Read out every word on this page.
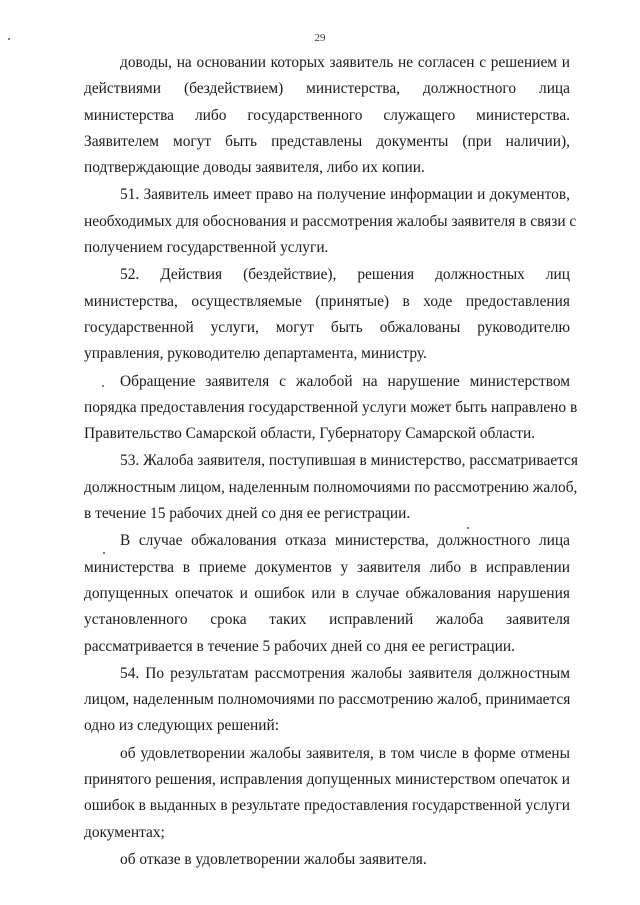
29

доводы, на основании которых заявитель не согласен с решением и
действиями (бездействием) министерства, должностного лица
министерства либо государственного служащего министерства.
Заявителем могут быть представлены документы (при наличии),
подтверждающие доводы заявителя, либо их копии.

51. Заявитель имеет право на получение информации и документов,
необходимых для обоснования и рассмотрения жалобы заявителя в связи с
получением государственной услуги.

52. Действия (бездействие), решения должностных лиц
министерства, осуществляемые (принятые) в ходе предоставления
государственной услуги, могут быть обжалованы руководителю
управления, руководителю департамента, министру.

Обращение заявителя с жалобой на нарушение министерством
порядка предоставления государственной услуги может быть направлено в
Правительство Самарской области, Губернатору Самарской области.

53. Жалоба заявителя, поступившая в министерство, рассматривается
должностным лицом, наделенным полномочиями по рассмотрению жалоб,
в течение 15 рабочих дней со дня ее регистрации.

В случае обжалования отказа министерства, должностного лица
министерства в приеме документов у заявителя либо в исправлении
допущенных опечаток и ошибок или в случае обжалования нарушения
установленного срока таких исправлений жалоба заявителя
рассматривается в течение 5 рабочих дней со дня ее регистрации.

54. По результатам рассмотрения жалобы заявителя должностным
лицом, наделенным полномочиями по рассмотрению жалоб, принимается
одно из следующих решений:

об удовлетворении жалобы заявителя, в том числе в форме отмены
принятого решения, исправления допущенных министерством опечаток и
ошибок в выданных в результате предоставления государственной услуги
документах;

об отказе в удовлетворении жалобы заявителя.
